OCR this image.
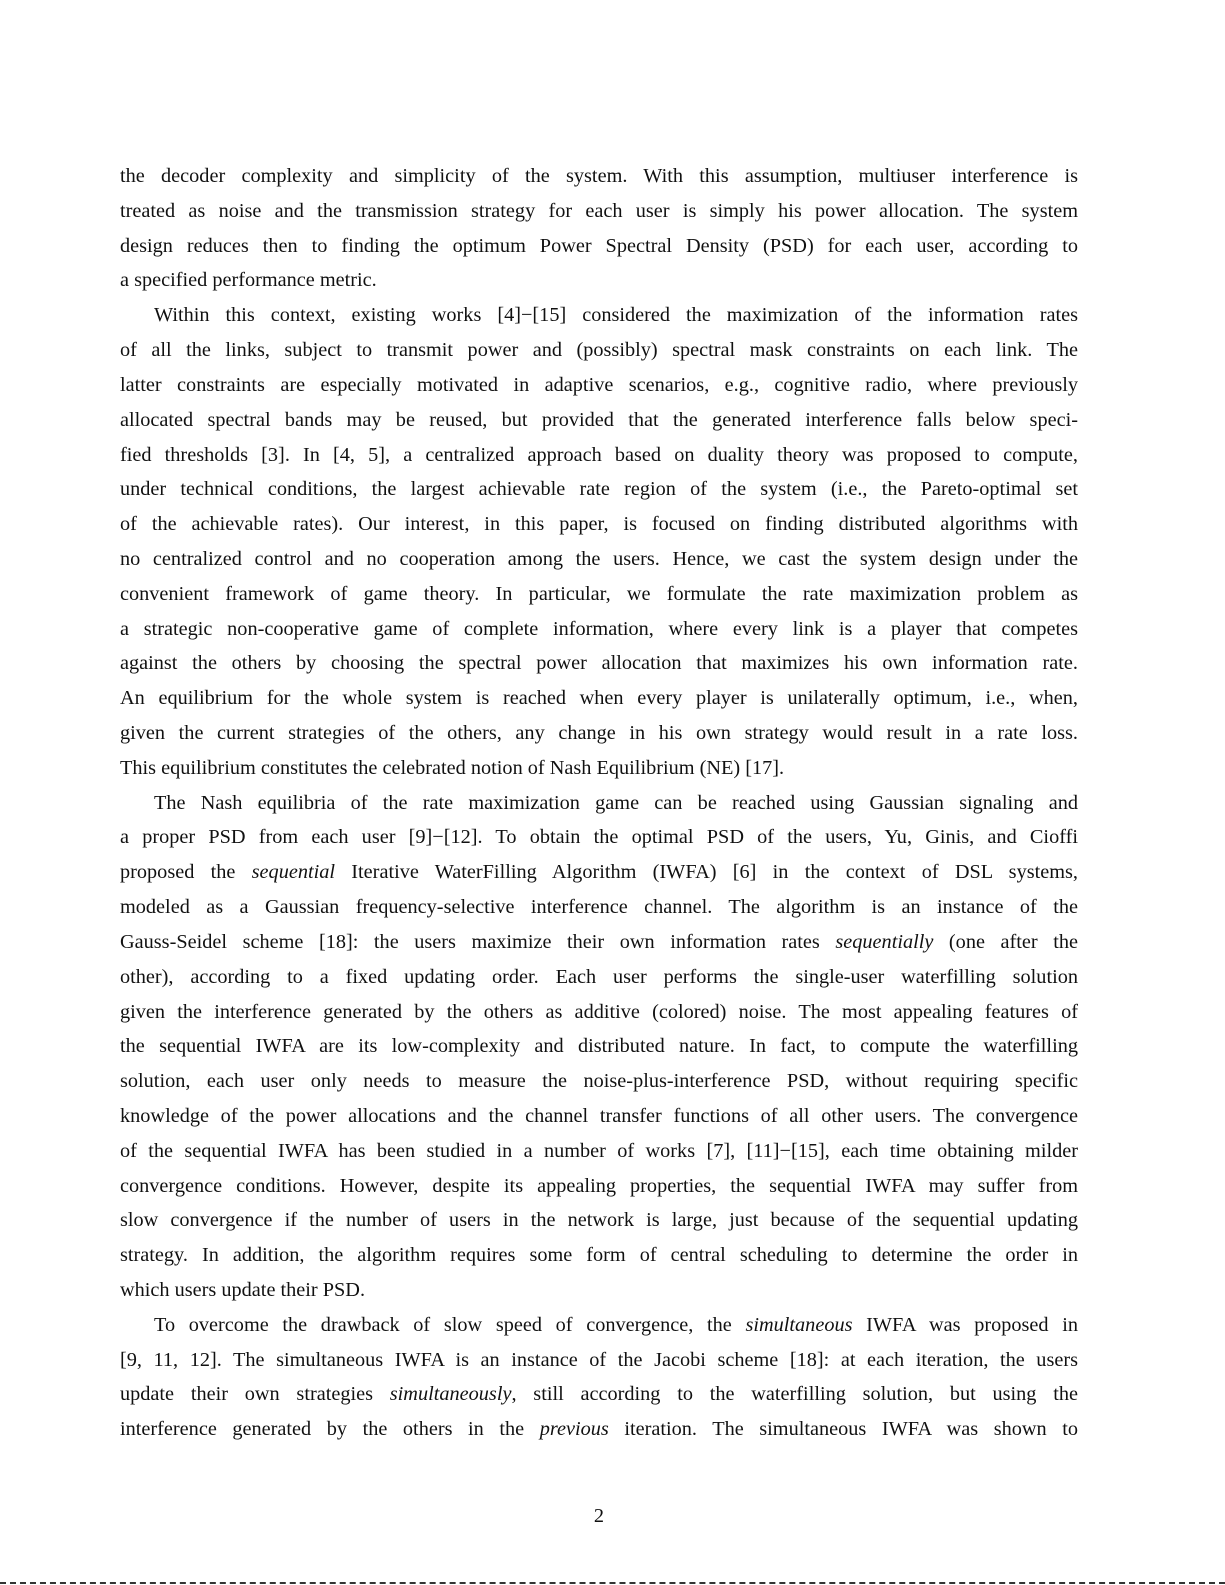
the decoder complexity and simplicity of the system. With this assumption, multiuser interference is
treated as noise and the transmission strategy for each user is simply his power allocation. The system
design reduces then to finding the optimum Power Spectral Density (PSD) for each user, according to
a specified performance metric.
Within this context, existing works [4]−[15] considered the maximization of the information rates
of all the links, subject to transmit power and (possibly) spectral mask constraints on each link. The
latter constraints are especially motivated in adaptive scenarios, e.g., cognitive radio, where previously
allocated spectral bands may be reused, but provided that the generated interference falls below speci-
fied thresholds [3]. In [4, 5], a centralized approach based on duality theory was proposed to compute,
under technical conditions, the largest achievable rate region of the system (i.e., the Pareto-optimal set
of the achievable rates). Our interest, in this paper, is focused on finding distributed algorithms with
no centralized control and no cooperation among the users. Hence, we cast the system design under the
convenient framework of game theory. In particular, we formulate the rate maximization problem as
a strategic non-cooperative game of complete information, where every link is a player that competes
against the others by choosing the spectral power allocation that maximizes his own information rate.
An equilibrium for the whole system is reached when every player is unilaterally optimum, i.e., when,
given the current strategies of the others, any change in his own strategy would result in a rate loss.
This equilibrium constitutes the celebrated notion of Nash Equilibrium (NE) [17].
The Nash equilibria of the rate maximization game can be reached using Gaussian signaling and
a proper PSD from each user [9]−[12]. To obtain the optimal PSD of the users, Yu, Ginis, and Cioffi
proposed the sequential Iterative WaterFilling Algorithm (IWFA) [6] in the context of DSL systems,
modeled as a Gaussian frequency-selective interference channel. The algorithm is an instance of the
Gauss-Seidel scheme [18]: the users maximize their own information rates sequentially (one after the
other), according to a fixed updating order. Each user performs the single-user waterfilling solution
given the interference generated by the others as additive (colored) noise. The most appealing features of
the sequential IWFA are its low-complexity and distributed nature. In fact, to compute the waterfilling
solution, each user only needs to measure the noise-plus-interference PSD, without requiring specific
knowledge of the power allocations and the channel transfer functions of all other users. The convergence
of the sequential IWFA has been studied in a number of works [7], [11]−[15], each time obtaining milder
convergence conditions. However, despite its appealing properties, the sequential IWFA may suffer from
slow convergence if the number of users in the network is large, just because of the sequential updating
strategy. In addition, the algorithm requires some form of central scheduling to determine the order in
which users update their PSD.
To overcome the drawback of slow speed of convergence, the simultaneous IWFA was proposed in
[9, 11, 12]. The simultaneous IWFA is an instance of the Jacobi scheme [18]: at each iteration, the users
update their own strategies simultaneously, still according to the waterfilling solution, but using the
interference generated by the others in the previous iteration. The simultaneous IWFA was shown to
2
